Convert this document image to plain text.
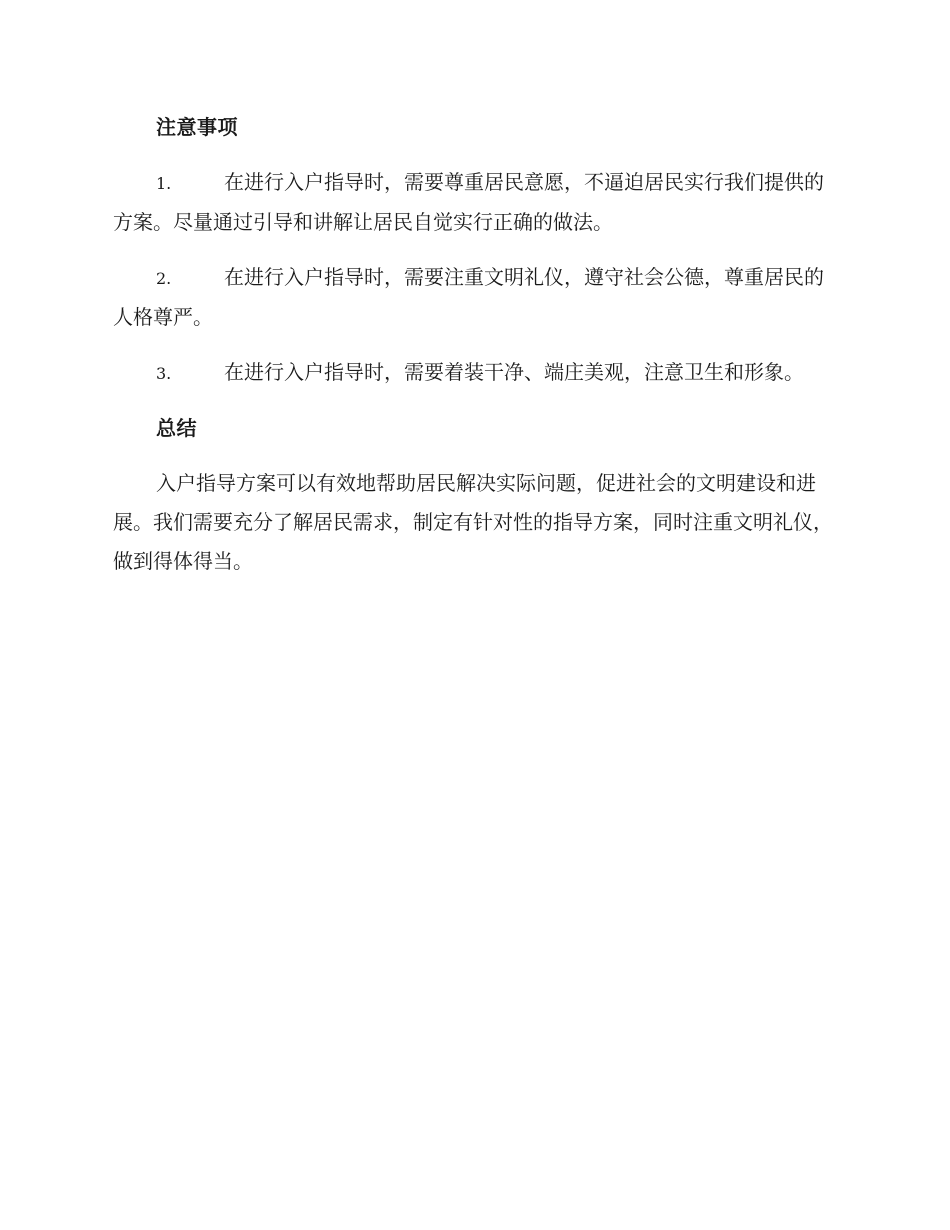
注意事项

1.	在进行入户指导时，需要尊重居民意愿，不逼迫居民实行我们提供的方案。尽量通过引导和讲解让居民自觉实行正确的做法。

2.	在进行入户指导时，需要注重文明礼仪，遵守社会公德，尊重居民的人格尊严。

3.	在进行入户指导时，需要着装干净、端庄美观，注意卫生和形象。

总结

入户指导方案可以有效地帮助居民解决实际问题，促进社会的文明建设和进展。我们需要充分了解居民需求，制定有针对性的指导方案，同时注重文明礼仪，做到得体得当。
